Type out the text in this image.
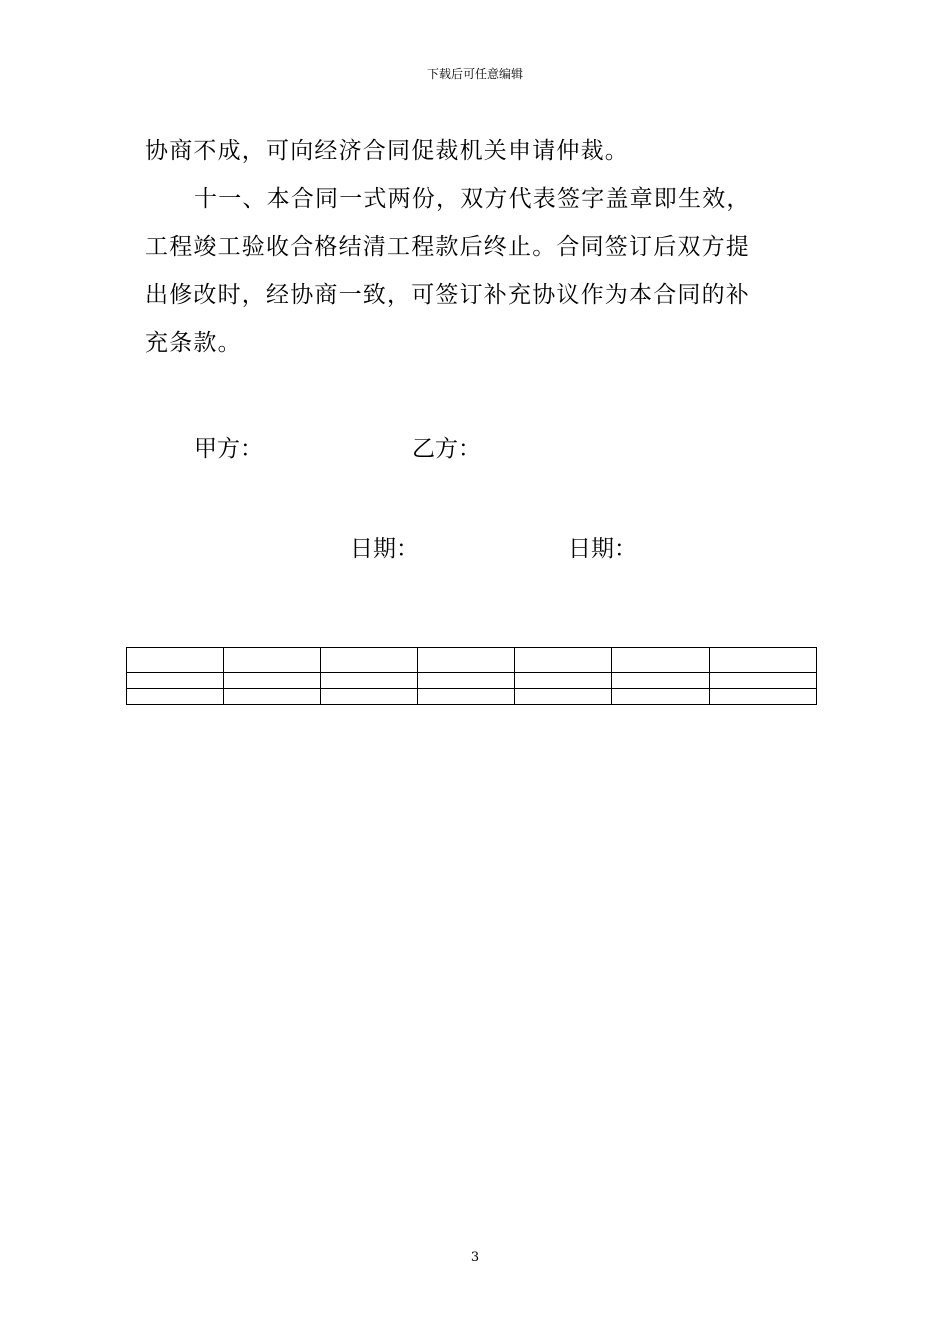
下载后可任意编辑
协商不成，可向经济合同促裁机关申请仲裁。
十一、本合同一式两份，双方代表签字盖章即生效，
工程竣工验收合格结清工程款后终止。合同签订后双方提
出修改时，经协商一致，可签订补充协议作为本合同的补
充条款。
甲方：	乙方：
日期：	日期：

3
